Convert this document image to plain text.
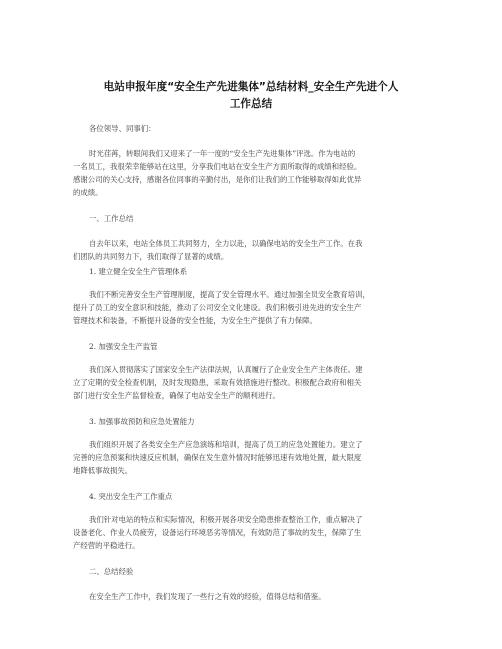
电站申报年度“安全生产先进集体”总结材料_安全生产先进个人
工作总结
各位领导、同事们：
时光荏苒，转眼间我们又迎来了一年一度的“安全生产先进集体”评选。作为电站的
一名员工，我很荣幸能够站在这里，分享我们电站在安全生产方面所取得的成绩和经验。
感谢公司的关心支持，感谢各位同事的辛勤付出，是你们让我们的工作能够取得如此优异
的成绩。
一、工作总结
自去年以来，电站全体员工共同努力，全力以赴，以确保电站的安全生产工作。在我
们团队的共同努力下，我们取得了显著的成绩。
1. 建立健全安全生产管理体系
我们不断完善安全生产管理制度，提高了安全管理水平。通过加强全员安全教育培训，
提升了员工的安全意识和技能，推动了公司安全文化建设。我们积极引进先进的安全生产
管理技术和装备，不断提升设备的安全性能，为安全生产提供了有力保障。
2. 加强安全生产监管
我们深入贯彻落实了国家安全生产法律法规，认真履行了企业安全生产主体责任。建
立了定期的安全检查机制，及时发现隐患，采取有效措施进行整改。积极配合政府和相关
部门进行安全生产监督检查，确保了电站安全生产的顺利进行。
3. 加强事故预防和应急处置能力
我们组织开展了各类安全生产应急演练和培训，提高了员工的应急处置能力。建立了
完善的应急预案和快速反应机制，确保在发生意外情况时能够迅速有效地处置，最大限度
地降低事故损失。
4. 突出安全生产工作重点
我们针对电站的特点和实际情况，积极开展各项安全隐患排查整治工作，重点解决了
设备老化、作业人员疲劳，设备运行环境恶劣等情况，有效防范了事故的发生，保障了生
产经营的平稳进行。
二、总结经验
在安全生产工作中，我们发现了一些行之有效的经验，值得总结和借鉴。
